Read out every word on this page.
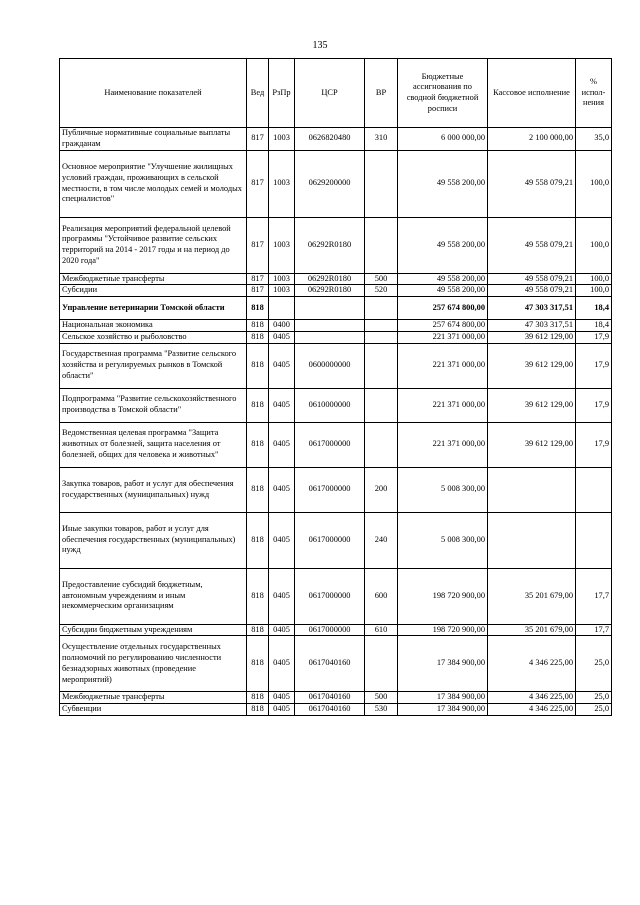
135
Наименование показателей	Вед	РзПр	ЦСР	ВР	Бюджетные ассигнования по сводной бюджетной росписи	Кассовое исполнение	% испол-нения
Публичные нормативные социальные выплаты гражданам	817	1003	0626820480	310	6 000 000,00	2 100 000,00	35,0
Основное мероприятие "Улучшение жилищных условий граждан, проживающих в сельской местности, в том числе молодых семей и молодых специалистов"	817	1003	0629200000		49 558 200,00	49 558 079,21	100,0
Реализация мероприятий федеральной целевой программы "Устойчивое развитие сельских территорий на 2014 - 2017 годы и на период до 2020 года"	817	1003	06292R0180		49 558 200,00	49 558 079,21	100,0
Межбюджетные трансферты	817	1003	06292R0180	500	49 558 200,00	49 558 079,21	100,0
Субсидии	817	1003	06292R0180	520	49 558 200,00	49 558 079,21	100,0
Управление ветеринарии Томской области	818				257 674 800,00	47 303 317,51	18,4
Национальная экономика	818	0400			257 674 800,00	47 303 317,51	18,4
Сельское хозяйство и рыболовство	818	0405			221 371 000,00	39 612 129,00	17,9
Государственная программа "Развитие сельского хозяйства и регулируемых рынков в Томской области"	818	0405	0600000000		221 371 000,00	39 612 129,00	17,9
Подпрограмма "Развитие сельскохозяйственного производства в Томской области"	818	0405	0610000000		221 371 000,00	39 612 129,00	17,9
Ведомственная целевая программа "Защита животных от болезней, защита населения от болезней, общих для человека и животных"	818	0405	0617000000		221 371 000,00	39 612 129,00	17,9
Закупка товаров, работ и услуг для обеспечения государственных (муниципальных) нужд	818	0405	0617000000	200	5 008 300,00		
Иные закупки товаров, работ и услуг для обеспечения государственных (муниципальных) нужд	818	0405	0617000000	240	5 008 300,00		
Предоставление субсидий бюджетным, автономным учреждениям и иным некоммерческим организациям	818	0405	0617000000	600	198 720 900,00	35 201 679,00	17,7
Субсидии бюджетным учреждениям	818	0405	0617000000	610	198 720 900,00	35 201 679,00	17,7
Осуществление отдельных государственных полномочий по регулированию численности безнадзорных животных (проведение мероприятий)	818	0405	0617040160		17 384 900,00	4 346 225,00	25,0
Межбюджетные трансферты	818	0405	0617040160	500	17 384 900,00	4 346 225,00	25,0
Субвенции	818	0405	0617040160	530	17 384 900,00	4 346 225,00	25,0
